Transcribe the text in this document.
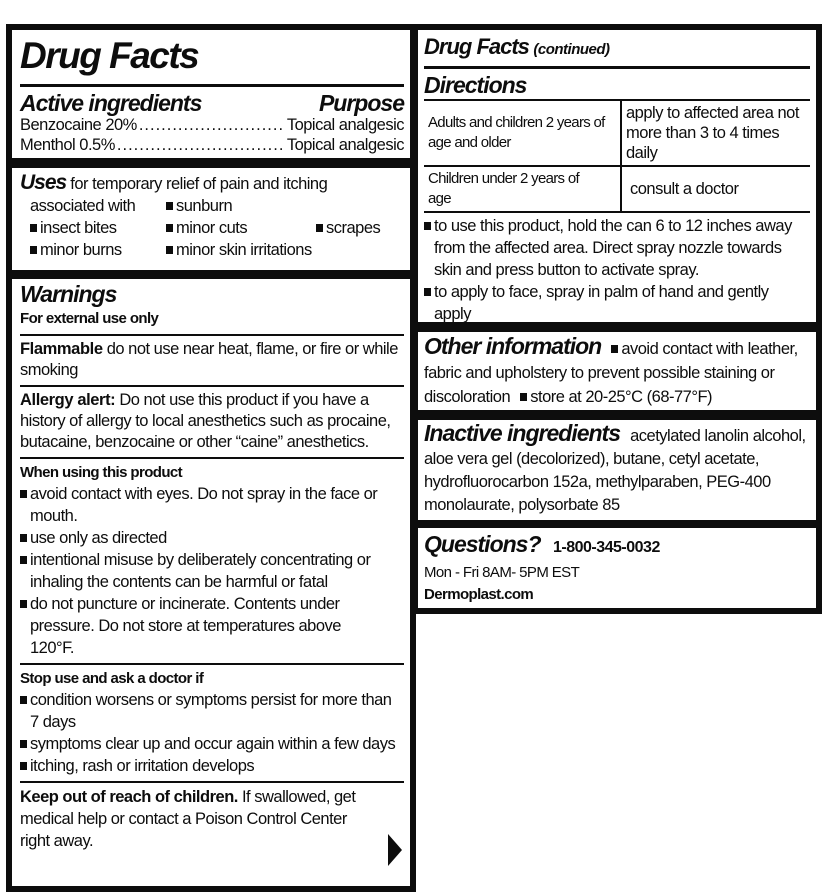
Drug Facts
Active ingredients	Purpose
Benzocaine 20% .....	Topical analgesic
Menthol 0.5% .....	Topical analgesic
Uses for temporary relief of pain and itching
associated with	sunburn
insect bites	minor cuts	scrapes
minor burns	minor skin irritations
Warnings
For external use only
Flammable do not use near heat, flame, or fire or while smoking
Allergy alert: Do not use this product if you have a history of allergy to local anesthetics such as procaine, butacaine, benzocaine or other “caine” anesthetics.
When using this product
avoid contact with eyes. Do not spray in the face or mouth.
use only as directed
intentional misuse by deliberately concentrating or inhaling the contents can be harmful or fatal
do not puncture or incinerate. Contents under pressure. Do not store at temperatures above 120°F.
Stop use and ask a doctor if
condition worsens or symptoms persist for more than 7 days
symptoms clear up and occur again within a few days
itching, rash or irritation develops
Keep out of reach of children. If swallowed, get medical help or contact a Poison Control Center right away.
Drug Facts (continued)
Directions
Adults and children 2 years of age and older	apply to affected area not more than 3 to 4 times daily
Children under 2 years of age	consult a doctor

to use this product, hold the can 6 to 12 inches away from the affected area. Direct spray nozzle towards skin and press button to activate spray.
to apply to face, spray in palm of hand and gently apply
Other information avoid contact with leather, fabric and upholstery to prevent possible staining or discoloration store at 20-25°C (68-77°F)
Inactive ingredients acetylated lanolin alcohol, aloe vera gel (decolorized), butane, cetyl acetate, hydrofluorocarbon 152a, methylparaben, PEG-400 monolaurate, polysorbate 85
Questions? 1-800-345-0032
Mon - Fri 8AM- 5PM EST
Dermoplast.com
